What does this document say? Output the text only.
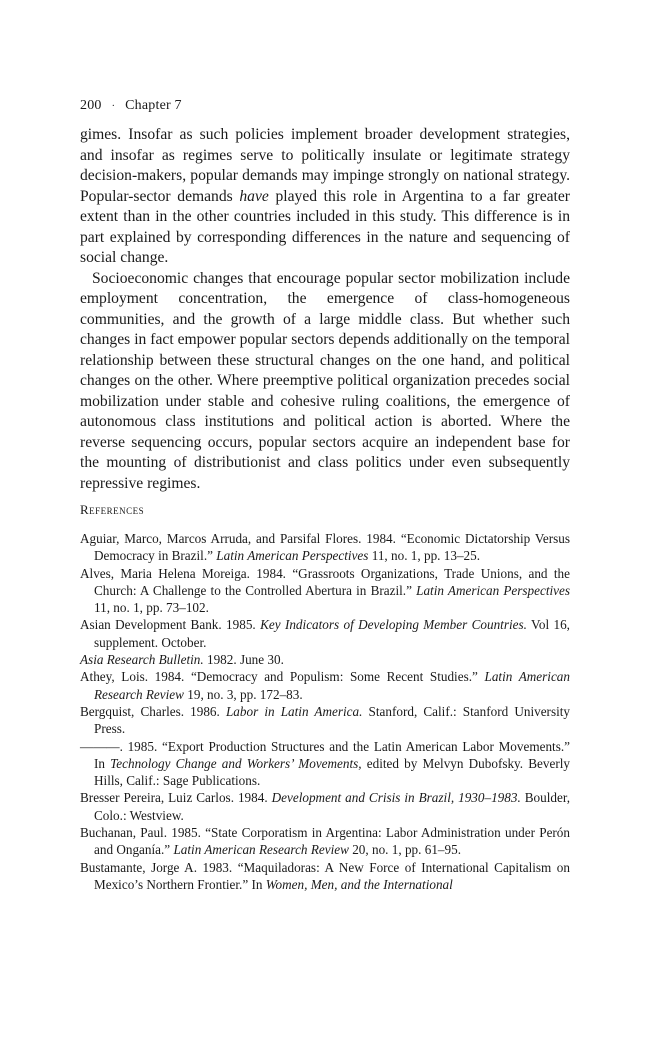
200 · Chapter 7

gimes. Insofar as such policies implement broader development strategies, and insofar as regimes serve to politically insulate or legitimate strategy decision-makers, popular demands may impinge strongly on national strategy. Popular-sector demands have played this role in Argentina to a far greater extent than in the other countries included in this study. This difference is in part explained by corresponding differences in the nature and sequencing of social change.

Socioeconomic changes that encourage popular sector mobilization include employment concentration, the emergence of class-homogeneous communities, and the growth of a large middle class. But whether such changes in fact empower popular sectors depends additionally on the temporal relationship between these structural changes on the one hand, and political changes on the other. Where preemptive political organization precedes social mobilization under stable and cohesive ruling coalitions, the emergence of autonomous class institutions and political action is aborted. Where the reverse sequencing occurs, popular sectors acquire an independent base for the mounting of distributionist and class politics under even subsequently repressive regimes.

References

Aguiar, Marco, Marcos Arruda, and Parsifal Flores. 1984. “Economic Dictatorship Versus Democracy in Brazil.” Latin American Perspectives 11, no. 1, pp. 13–25.

Alves, Maria Helena Moreiga. 1984. “Grassroots Organizations, Trade Unions, and the Church: A Challenge to the Controlled Abertura in Brazil.” Latin American Perspectives 11, no. 1, pp. 73–102.

Asian Development Bank. 1985. Key Indicators of Developing Member Countries. Vol 16, supplement. October.

Asia Research Bulletin. 1982. June 30.

Athey, Lois. 1984. “Democracy and Populism: Some Recent Studies.” Latin American Research Review 19, no. 3, pp. 172–83.

Bergquist, Charles. 1986. Labor in Latin America. Stanford, Calif.: Stanford University Press.

———. 1985. “Export Production Structures and the Latin American Labor Movements.” In Technology Change and Workers’ Movements, edited by Melvyn Dubofsky. Beverly Hills, Calif.: Sage Publications.

Bresser Pereira, Luiz Carlos. 1984. Development and Crisis in Brazil, 1930–1983. Boulder, Colo.: Westview.

Buchanan, Paul. 1985. “State Corporatism in Argentina: Labor Administration under Perón and Onganía.” Latin American Research Review 20, no. 1, pp. 61–95.

Bustamante, Jorge A. 1983. “Maquiladoras: A New Force of International Capitalism on Mexico’s Northern Frontier.” In Women, Men, and the International
